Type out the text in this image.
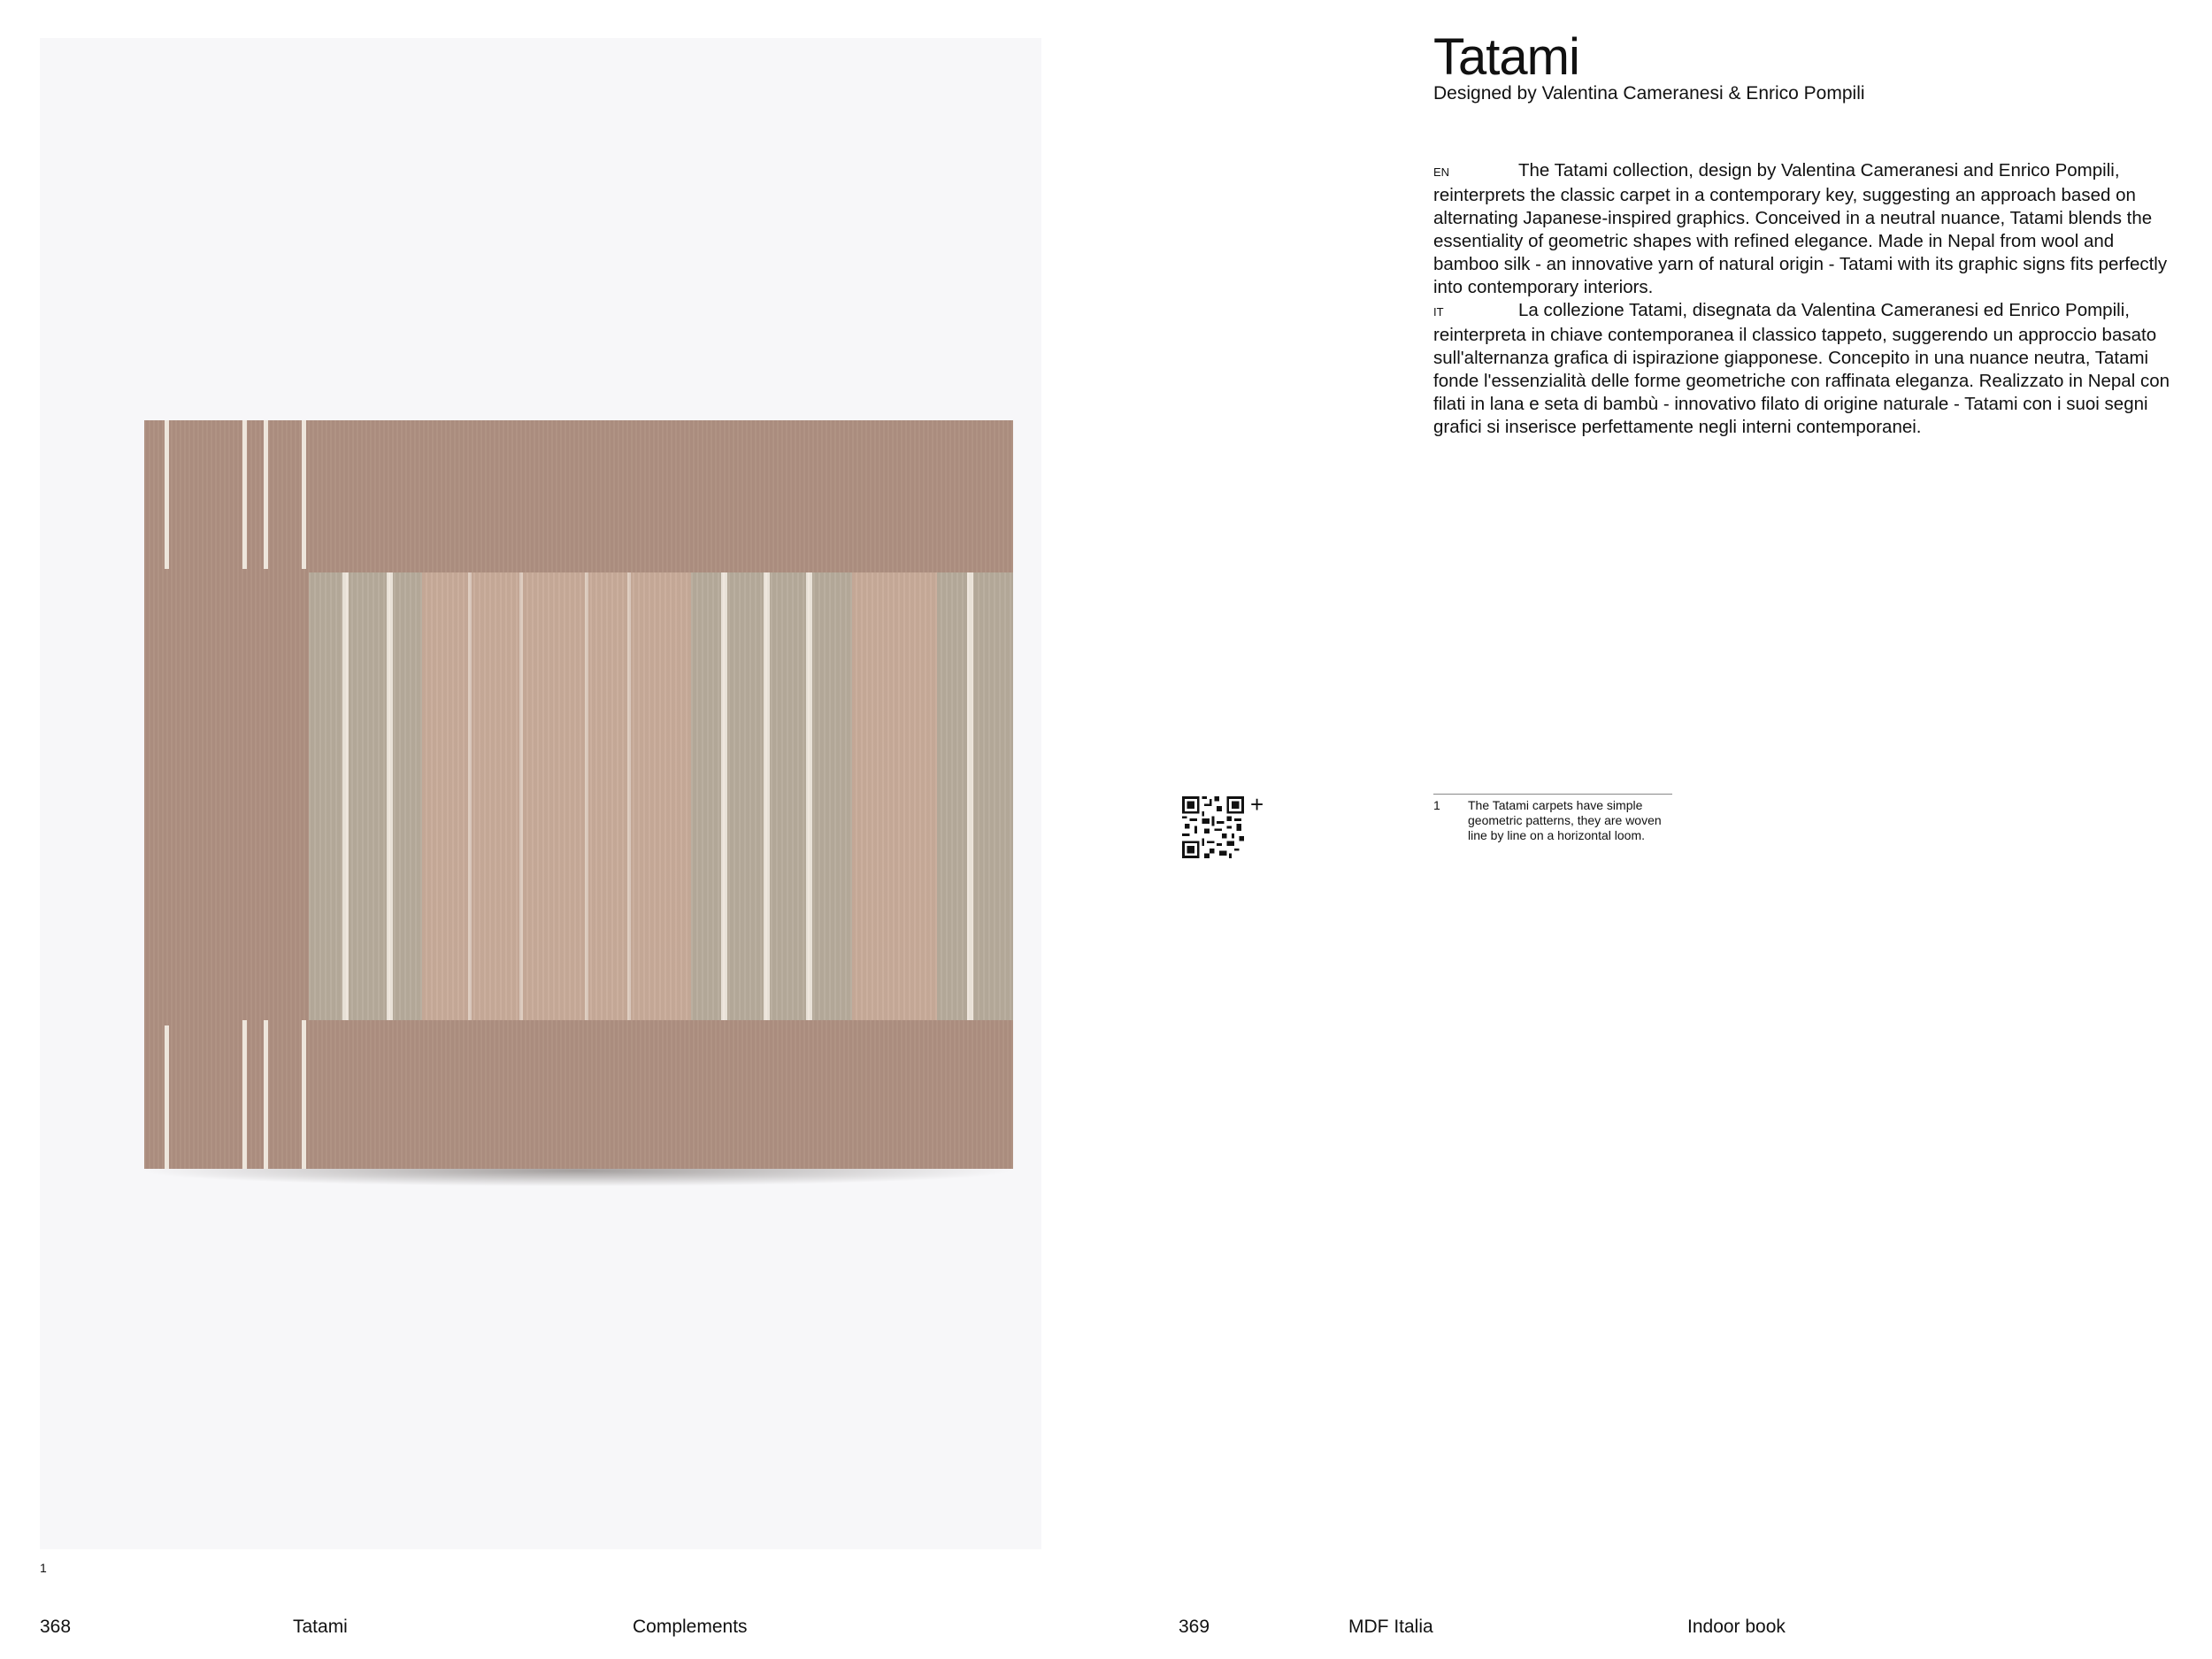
Tatami

Designed by Valentina Cameranesi & Enrico Pompili

EN	The Tatami collection, design by Valentina Cameranesi and Enrico Pompili, reinterprets the classic carpet in a contemporary key, suggesting an approach based on alternating Japanese-inspired graphics. Conceived in a neutral nuance, Tatami blends the essentiality of geometric shapes with refined elegance. Made in Nepal from wool and bamboo silk - an innovative yarn of natural origin - Tatami with its graphic signs fits perfectly into contemporary interiors.

IT	La collezione Tatami, disegnata da Valentina Cameranesi ed Enrico Pompili, reinterpreta in chiave contemporanea il classico tappeto, suggerendo un approccio basato sull'alternanza grafica di ispirazione giapponese. Concepito in una nuance neutra, Tatami fonde l'essenzialità delle forme geometriche con raffinata eleganza. Realizzato in Nepal con filati in lana e seta di bambù - innovativo filato di origine naturale - Tatami con i suoi segni grafici si inserisce perfettamente negli interni contemporanei.

+	1 The Tatami carpets have simple geometric patterns, they are woven line by line on a horizontal loom.

1
368	Tatami	Complements	369	MDF Italia	Indoor book
